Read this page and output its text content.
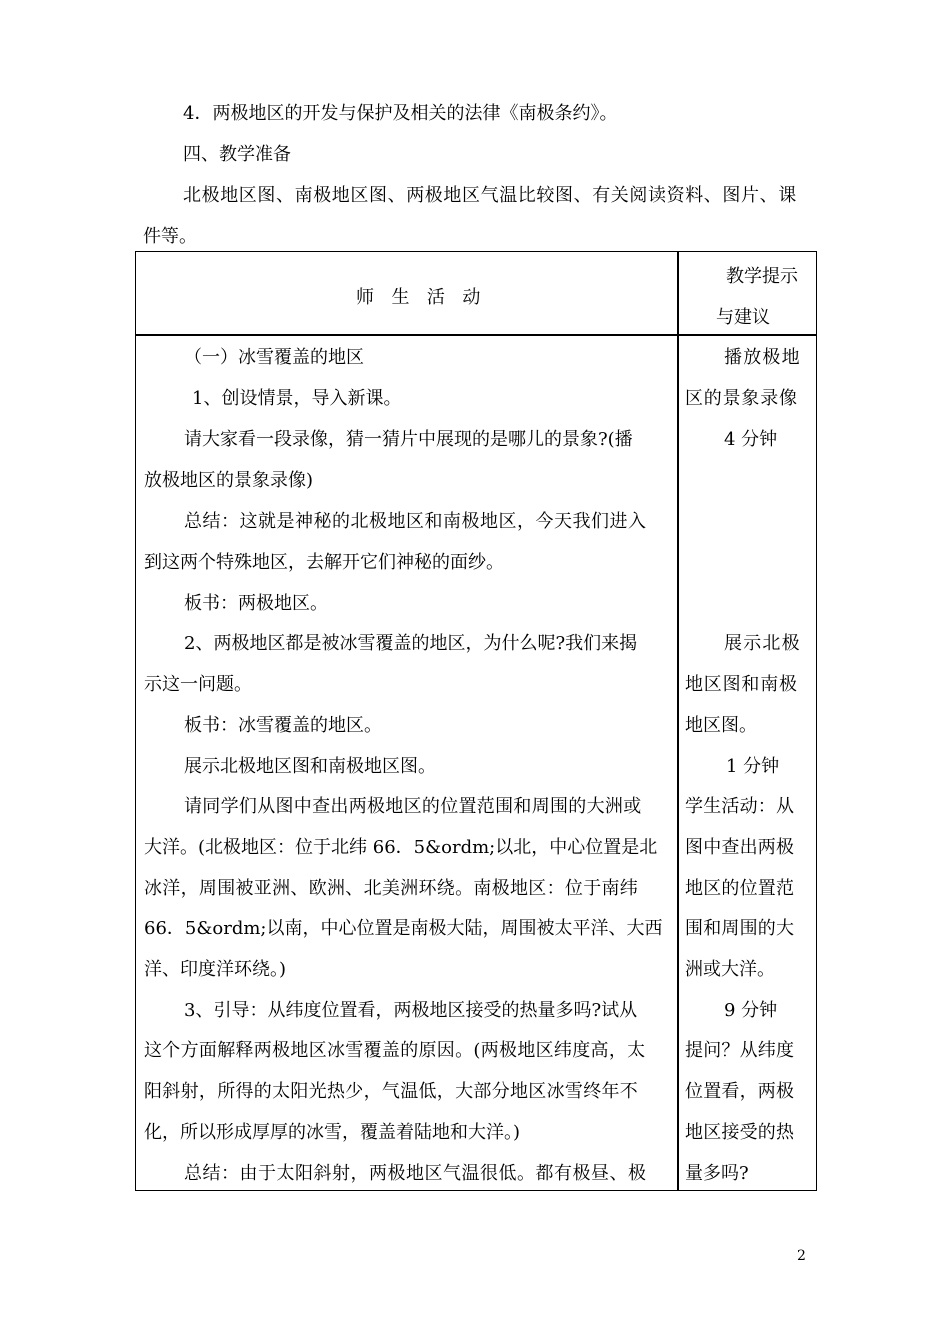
4．两极地区的开发与保护及相关的法律《南极条约》。
四、教学准备
北极地区图、南极地区图、两极地区气温比较图、有关阅读资料、图片、课
件等。
师  生  活  动
教学提示
与建议
（一）冰雪覆盖的地区
1、创设情景，导入新课。
请大家看一段录像，猜一猜片中展现的是哪儿的景象?(播
放极地区的景象录像)
总结：这就是神秘的北极地区和南极地区，今天我们进入
到这两个特殊地区，去解开它们神秘的面纱。
板书：两极地区。
2、两极地区都是被冰雪覆盖的地区，为什么呢?我们来揭
示这一问题。
板书：冰雪覆盖的地区。
展示北极地区图和南极地区图。
请同学们从图中查出两极地区的位置范围和周围的大洲或
大洋。(北极地区：位于北纬 66．5&ordm;以北，中心位置是北
冰洋，周围被亚洲、欧洲、北美洲环绕。南极地区：位于南纬
66．5&ordm;以南，中心位置是南极大陆，周围被太平洋、大西
洋、印度洋环绕。)
3、引导：从纬度位置看，两极地区接受的热量多吗?试从
这个方面解释两极地区冰雪覆盖的原因。(两极地区纬度高，太
阳斜射，所得的太阳光热少，气温低，大部分地区冰雪终年不
化，所以形成厚厚的冰雪，覆盖着陆地和大洋。)
总结：由于太阳斜射，两极地区气温很低。都有极昼、极
播放极地
区的景象录像
4 分钟
展示北极
地区图和南极
地区图。
1 分钟
学生活动：从
图中查出两极
地区的位置范
围和周围的大
洲或大洋。
9 分钟
提问？从纬度
位置看，两极
地区接受的热
量多吗?
2
